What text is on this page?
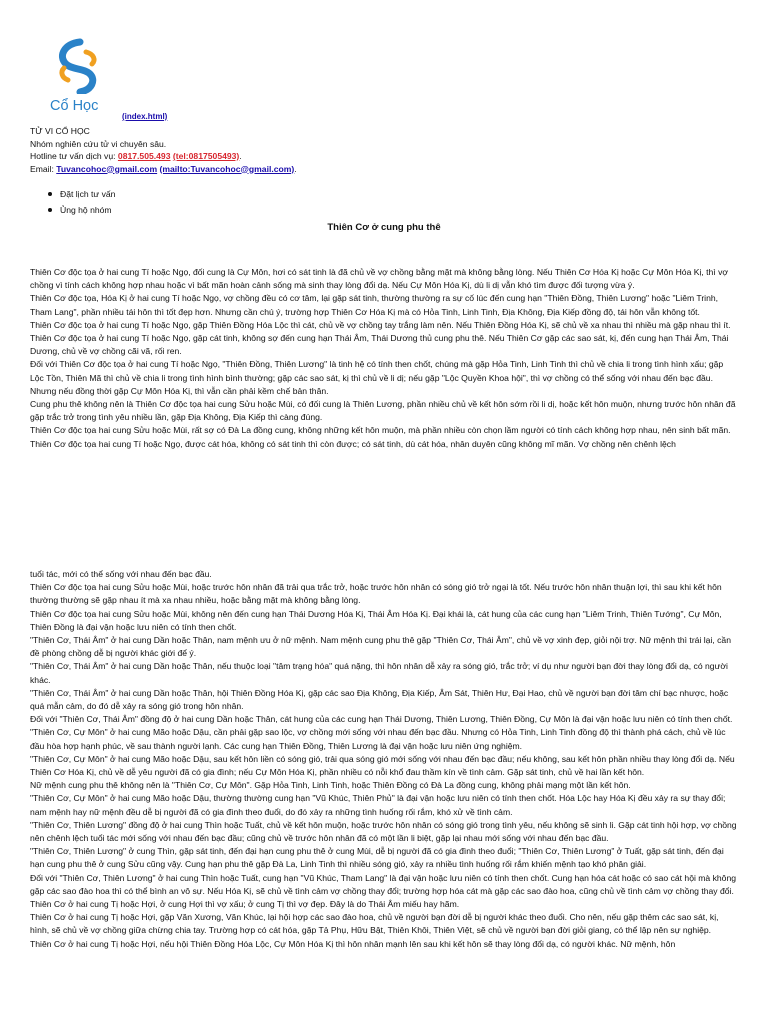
Cổ Học
(index.html)
TỬ VI CỔ HỌC
Nhóm nghiên cứu tử vi chuyên sâu.
Hotline tư vấn dịch vụ: 0817.505.493 (tel:0817505493).
Email: Tuvancohoc@gmail.com (mailto:Tuvancohoc@gmail.com).
Đặt lịch tư vấn
Ủng hộ nhóm
Thiên Cơ ở cung phu thê

Thiên Cơ độc tọa ở hai cung Tí hoặc Ngọ, đối cung là Cự Môn, hơi có sát tinh là đã chủ về vợ chồng bằng mặt mà không bằng lòng. Nếu Thiên Cơ Hóa Kị hoặc Cự Môn Hóa Kị, thì vợ chồng vì tính cách không hợp nhau hoặc vì bất mãn hoàn cảnh sống mà sinh thay lòng đổi dạ. Nếu Cự Môn Hóa Kị, dù li dị vẫn khó tìm được đối tượng vừa ý.

Thiên Cơ độc tọa, Hóa Kị ở hai cung Tí hoặc Ngọ, vợ chồng đều có cơ tâm, lại gặp sát tinh, thường thường ra sự cố lúc đến cung hạn "Thiên Đồng, Thiên Lương" hoặc "Liêm Trinh, Tham Lang", phần nhiều tái hôn thì tốt đẹp hơn. Nhưng cần chú ý, trường hợp Thiên Cơ Hóa Kị mà có Hỏa Tinh, Linh Tinh, Địa Không, Địa Kiếp đồng độ, tái hôn vẫn không tốt.

Thiên Cơ độc tọa ở hai cung Tí hoặc Ngọ, gặp Thiên Đồng Hóa Lộc thì cát, chủ về vợ chồng tay trắng làm nên. Nếu Thiên Đồng Hóa Kị, sẽ chủ về xa nhau thì nhiều mà gặp nhau thì ít.

Thiên Cơ độc tọa ở hai cung Tí hoặc Ngọ, gặp cát tinh, không sợ đến cung hạn Thái Âm, Thái Dương thủ cung phu thê. Nếu Thiên Cơ gặp các sao sát, kị, đến cung hạn Thái Âm, Thái Dương, chủ về vợ chồng cãi vã, rối ren.

Đối với Thiên Cơ độc tọa ở hai cung Tí hoặc Ngọ, "Thiên Đồng, Thiên Lương" là tinh hệ có tính then chốt, chúng mà gặp Hỏa Tinh, Linh Tinh thì chủ về chia li trong tình hình xấu; gặp Lộc Tồn, Thiên Mã thì chủ về chia li trong tình hình bình thường; gặp các sao sát, kị thì chủ về li dị; nếu gặp "Lộc Quyền Khoa hội", thì vợ chồng có thể sống với nhau đến bạc đầu. Nhưng nếu đồng thời gặp Cự Môn Hóa Kị, thì vẫn cần phải kềm chế bản thân.

Cung phu thê không nên là Thiên Cơ độc tọa hai cung Sửu hoặc Mùi, có đối cung là Thiên Lương, phần nhiều chủ về kết hôn sớm rồi li dị, hoặc kết hôn muộn, nhưng trước hôn nhân đã gặp trắc trở trong tình yêu nhiều lần, gặp Địa Không, Địa Kiếp thì càng đúng.

Thiên Cơ độc tọa hai cung Sửu hoặc Mùi, rất sợ có Đà La đồng cung, không những kết hôn muộn, mà phần nhiều còn chọn lầm người có tính cách không hợp nhau, nên sinh bất mãn.

Thiên Cơ độc tọa hai cung Tí hoặc Ngọ, được cát hóa, không có sát tinh thì còn được; có sát tinh, dù cát hóa, nhân duyên cũng không mĩ mãn. Vợ chồng nên chênh lệch

tuổi tác, mới có thể sống với nhau đến bạc đầu.

Thiên Cơ độc tọa hai cung Sửu hoặc Mùi, hoặc trước hôn nhân đã trải qua trắc trở, hoặc trước hôn nhân có sóng gió trở ngại là tốt. Nếu trước hôn nhân thuận lợi, thì sau khi kết hôn thường thường sẽ gặp nhau ít mà xa nhau nhiều, hoặc bằng mặt mà không bằng lòng.

Thiên Cơ độc tọa hai cung Sửu hoặc Mùi, không nên đến cung hạn Thái Dương Hóa Kị, Thái Âm Hóa Kị. Đại khái là, cát hung của các cung hạn "Liêm Trinh, Thiên Tướng", Cự Môn, Thiên Đồng là đại vận hoặc lưu niên có tính then chốt.

"Thiên Cơ, Thái Âm" ở hai cung Dần hoặc Thân, nam mệnh ưu ở nữ mệnh. Nam mệnh cung phu thê gặp "Thiên Cơ, Thái Âm", chủ về vợ xinh đẹp, giỏi nội trợ. Nữ mệnh thì trái lại, cần đề phòng chồng dễ bị người khác giới để ý.

"Thiên Cơ, Thái Âm" ở hai cung Dần hoặc Thân, nếu thuộc loại "tâm trạng hóa" quá nặng, thì hôn nhân dễ xảy ra sóng gió, trắc trở; ví dụ như người bạn đời thay lòng đổi dạ, có người khác.

"Thiên Cơ, Thái Âm" ở hai cung Dần hoặc Thân, hội Thiên Đồng Hóa Kị, gặp các sao Địa Không, Địa Kiếp, Âm Sát, Thiên Hư, Đại Hao, chủ về người bạn đời tâm chí bạc nhược, hoặc quá mẫn cảm, do đó dễ xảy ra sóng gió trong hôn nhân.

Đối với "Thiên Cơ, Thái Âm" đồng độ ở hai cung Dần hoặc Thân, cát hung của các cung hạn Thái Dương, Thiên Lương, Thiên Đồng, Cự Môn là đại vận hoặc lưu niên có tính then chốt.

"Thiên Cơ, Cự Môn" ở hai cung Mão hoặc Dậu, cần phải gặp sao lộc, vợ chồng mới sống với nhau đến bạc đầu. Nhưng có Hỏa Tinh, Linh Tinh đồng độ thì thành phá cách, chủ về lúc đầu hòa hợp hạnh phúc, về sau thành người lạnh. Các cung hạn Thiên Đồng, Thiên Lương là đại vận hoặc lưu niên ứng nghiệm.

"Thiên Cơ, Cự Môn" ở hai cung Mão hoặc Dậu, sau kết hôn liền có sóng gió, trải qua sóng gió mới sống với nhau đến bạc đầu; nếu không, sau kết hôn phần nhiều thay lòng đổi dạ. Nếu Thiên Cơ Hóa Kị, chủ về dễ yêu người đã có gia đình; nếu Cự Môn Hóa Kị, phần nhiều có nỗi khổ đau thầm kín về tình cảm. Gặp sát tinh, chủ về hai lần kết hôn.

Nữ mệnh cung phu thê không nên là "Thiên Cơ, Cự Môn". Gặp Hỏa Tinh, Linh Tinh, hoặc Thiên Đồng có Đà La đồng cung, không phải mạng một lần kết hôn.

"Thiên Cơ, Cự Môn" ở hai cung Mão hoặc Dậu, thường thường cung hạn "Vũ Khúc, Thiên Phủ" là đại vận hoặc lưu niên có tính then chốt. Hóa Lộc hay Hóa Kị đều xảy ra sự thay đổi; nam mệnh hay nữ mệnh đều dễ bị người đã có gia đình theo đuổi, do đó xảy ra những tình huống rối rắm, khó xử về tình cảm.

"Thiên Cơ, Thiên Lương" đồng độ ở hai cung Thìn hoặc Tuất, chủ về kết hôn muộn, hoặc trước hôn nhân có sóng gió trong tình yêu, nếu không sẽ sinh li. Gặp cát tinh hội hợp, vợ chồng nên chênh lệch tuổi tác mới sống với nhau đến bạc đầu; cũng chủ về trước hôn nhân đã có một lần li biệt, gặp lại nhau mới sống với nhau đến bạc đầu.

"Thiên Cơ, Thiên Lương" ở cung Thìn, gặp sát tinh, đến đại hạn cung phu thê ở cung Mùi, dễ bị người đã có gia đình theo đuổi; "Thiên Cơ, Thiên Lương" ở Tuất, gặp sát tinh, đến đại hạn cung phu thê ở cung Sửu cũng vậy. Cung hạn phu thê gặp Đà La, Linh Tinh thì nhiều sóng gió, xảy ra nhiều tình huống rối rắm khiến mệnh tạo khó phân giải.

Đối với "Thiên Cơ, Thiên Lương" ở hai cung Thìn hoặc Tuất, cung hạn "Vũ Khúc, Tham Lang" là đại vận hoặc lưu niên có tính then chốt. Cung hạn hóa cát hoặc có sao cát hội mà không gặp các sao đào hoa thì có thể bình an vô sự. Nếu Hóa Kị, sẽ chủ về tình cảm vợ chồng thay đổi; trường hợp hóa cát mà gặp các sao đào hoa, cũng chủ về tình cảm vợ chồng thay đổi.

Thiên Cơ ở hai cung Tị hoặc Hợi, ở cung Hợi thì vợ xấu; ở cung Tị thì vợ đẹp. Đây là do Thái Âm miếu hay hãm.

Thiên Cơ ở hai cung Tị hoặc Hợi, gặp Văn Xương, Văn Khúc, lại hội hợp các sao đào hoa, chủ về người bạn đời dễ bị người khác theo đuổi. Cho nên, nếu gặp thêm các sao sát, kị, hình, sẽ chủ về vợ chồng giữa chừng chia tay. Trường hợp có cát hóa, gặp Tả Phụ, Hữu Bật, Thiên Khôi, Thiên Việt, sẽ chủ về người bạn đời giỏi giang, có thể lập nên sự nghiệp.

Thiên Cơ ở hai cung Tị hoặc Hợi, nếu hội Thiên Đồng Hóa Lộc, Cự Môn Hóa Kị thì hôn nhân mạnh lên sau khi kết hôn sẽ thay lòng đổi dạ, có người khác. Nữ mệnh, hôn
